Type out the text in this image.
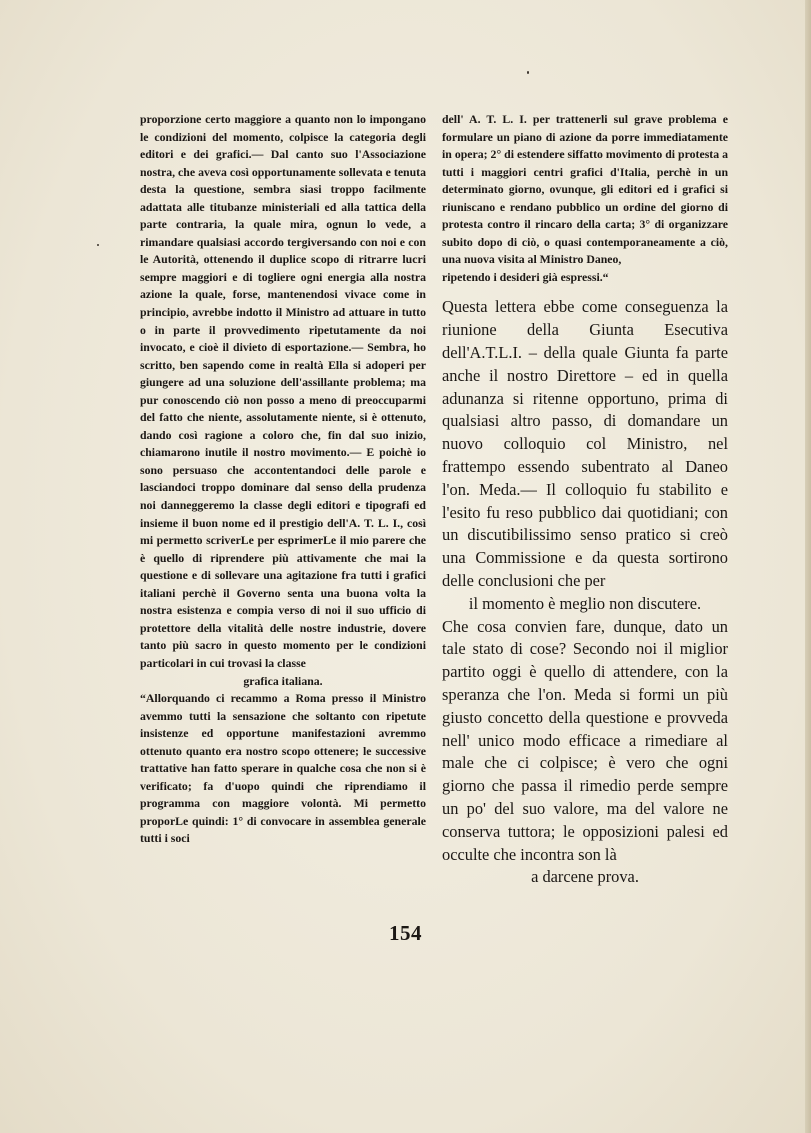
proporzione certo maggiore a quanto non lo impongano le condizioni del momento, colpisce la categoria degli editori e dei grafici.— Dal canto suo l'Associazione nostra, che aveva così opportunamente sollevata e tenuta desta la questione, sembra siasi troppo facilmente adattata alle titubanze ministeriali ed alla tattica della parte contraria, la quale mira, ognun lo vede, a rimandare qualsiasi accordo tergiversando con noi e con le Autorità, ottenendo il duplice scopo di ritrarre lucri sempre maggiori e di togliere ogni energia alla nostra azione la quale, forse, mantenendosi vivace come in principio, avrebbe indotto il Ministro ad attuare in tutto o in parte il provvedimento ripetutamente da noi invocato, e cioè il divieto di esportazione.— Sembra, ho scritto, ben sapendo come in realtà Ella si adoperi per giungere ad una soluzione dell'assillante problema; ma pur conoscendo ciò non posso a meno di preoccuparmi del fatto che niente, assolutamente niente, si è ottenuto, dando così ragione a coloro che, fin dal suo inizio, chiamarono inutile il nostro movimento.— E poichè io sono persuaso che accontentandoci delle parole e lasciandoci troppo dominare dal senso della prudenza noi danneggeremo la classe degli editori e tipografi ed insieme il buon nome ed il prestigio dell'A. T. L. I., così mi permetto scriverLe per esprimerLe il mio parere che è quello di riprendere più attivamente che mai la questione e di sollevare una agitazione fra tutti i grafici italiani perchè il Governo senta una buona volta la nostra esistenza e compia verso di noi il suo ufficio di protettore della vitalità delle nostre industrie, dovere tanto più sacro in questo momento per le condizioni particolari in cui trovasi la classe

grafica italiana.

“Allorquando ci recammo a Roma presso il Ministro avemmo tutti la sensazione che soltanto con ripetute insistenze ed opportune manifestazioni avremmo ottenuto quanto era nostro scopo ottenere; le successive trattative han fatto sperare in qualche cosa che non si è verificato; fa d'uopo quindi che riprendiamo il programma con maggiore volontà. Mi permetto proporLe quindi: 1° di convocare in assemblea generale tutti i soci

dell' A. T. L. I. per trattenerli sul grave problema e formulare un piano di azione da porre immediatamente in opera; 2° di estendere siffatto movimento di protesta a tutti i maggiori centri grafici d'Italia, perchè in un determinato giorno, ovunque, gli editori ed i grafici si riuniscano e rendano pubblico un ordine del giorno di protesta contro il rincaro della carta; 3° di organizzare subito dopo di ciò, o quasi contemporaneamente a ciò, una nuova visita al Ministro Daneo,

ripetendo i desideri già espressi.“

Questa lettera ebbe come conseguenza la riunione della Giunta Esecutiva dell'A.T.L.I. – della quale Giunta fa parte anche il nostro Direttore – ed in quella adunanza si ritenne opportuno, prima di qualsiasi altro passo, di domandare un nuovo colloquio col Ministro, nel frattempo essendo subentrato al Daneo l'on. Meda.— Il colloquio fu stabilito e l'esito fu reso pubblico dai quotidiani; con un discutibilissimo senso pratico si creò una Commissione e da questa sortirono delle conclusioni che per

il momento è meglio non discutere.

Che cosa convien fare, dunque, dato un tale stato di cose? Secondo noi il miglior partito oggi è quello di attendere, con la speranza che l'on. Meda si formi un più giusto concetto della questione e provveda nell' unico modo efficace a rimediare al male che ci colpisce; è vero che ogni giorno che passa il rimedio perde sempre un po' del suo valore, ma del valore ne conserva tuttora; le opposizioni palesi ed occulte che incontra son là

a darcene prova.

154
